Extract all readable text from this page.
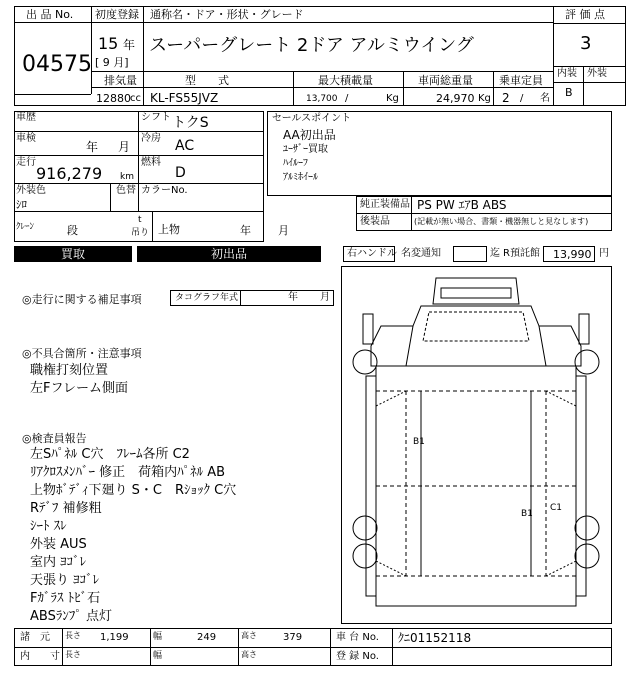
出 品 No.
04575
初度登録 通称名・ドア・形状・グレード
15 年
[ 9 月]
スーパーグレート 2ドア アルミウイング
評 価 点
3
内装 外装
B
排気量	型　　式	最大積載量	車両総重量 乗車定員
12880 cc KL-FS55JVZ	13,700 /	Kg	24,970 Kg 2 / 名
車歴	シフト トクS
車検
年 月
冷房 AC
走行
916,279 km
燃料
D
外装色
ｼﾛ
色替 カラーNo.
ｸﾚｰﾝ	段
t
吊り 上物	年 月
セールスポイント
AA初出品
ﾕｰｻﾞｰ買取
ﾊｲﾙｰﾌ
ｱﾙﾐﾎｲｰﾙ
純正装備品 PS PW ｴｱB ABS
後装品	(記載が無い場合、書類・機器無しと見なします)
買取	初出品	右ハンドル 名変通知	迄 R預託館 13,990 円
◎走行に関する補足事項	タコグラフ年式	年 月
◎不具合箇所・注意事項
職権打刻位置
左Fフレーム側面
◎検査員報告
左Sﾊﾟﾈﾙ C穴　ﾌﾚｰﾑ各所 C2
ﾘｱｸﾛｽﾒﾝﾊﾞｰ 修正　荷箱内ﾊﾟﾈﾙ AB
上物ﾎﾞﾃﾞｨ下廻り S・C　Rｼｮｯｸ C穴
Rﾃﾞﾌ 補修粗
ｼｰﾄ ｽﾚ
外装 AUS
室内 ﾖｺﾞﾚ
天張り ﾖｺﾞﾚ
Fｶﾞﾗｽ ﾄﾋﾞ石
ABSﾗﾝﾌﾟ 点灯
B1
B1
C1
諸　元 長さ 1,199	幅	249	高さ	379	車 台 No. ｸﾆ01152118
内　　寸 長さ	幅	高さ	登 録 No.
